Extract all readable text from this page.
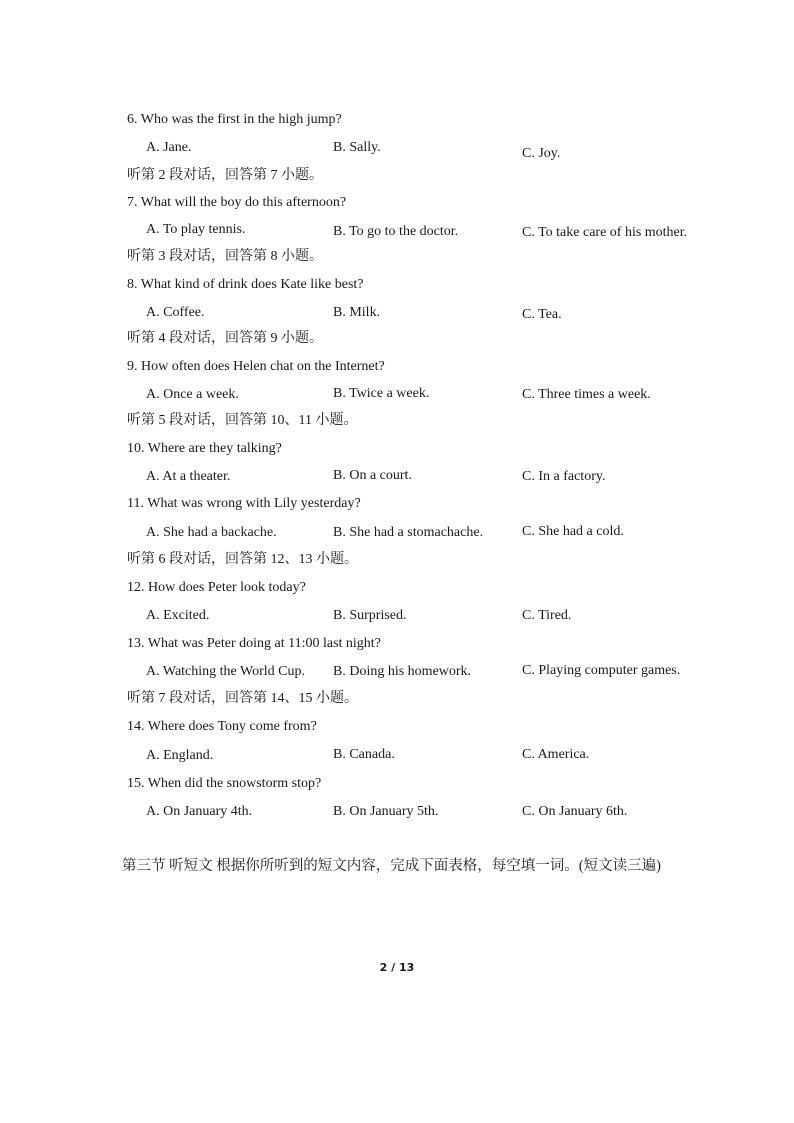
6. Who was the first in the high jump?
A. Jane.	B. Sally.	C. Joy.
听第 2 段对话，回答第 7 小题。
7. What will the boy do this afternoon?
A. To play tennis.	B. To go to the doctor.	C. To take care of his mother.
听第 3 段对话，回答第 8 小题。
8. What kind of drink does Kate like best?
A. Coffee.	B. Milk.	C. Tea.
听第 4 段对话，回答第 9 小题。
9. How often does Helen chat on the Internet?
A. Once a week.	B. Twice a week.	C. Three times a week.
听第 5 段对话，回答第 10、11 小题。
10. Where are they talking?
A. At a theater.	B. On a court.	C. In a factory.
11. What was wrong with Lily yesterday?
A. She had a backache.	B. She had a stomachache.	C. She had a cold.
听第 6 段对话，回答第 12、13 小题。
12. How does Peter look today?
A. Excited.	B. Surprised.	C. Tired.
13. What was Peter doing at 11:00 last night?
A. Watching the World Cup. B. Doing his homework.	C. Playing computer games.
听第 7 段对话，回答第 14、15 小题。
14. Where does Tony come from?
A. England.	B. Canada.	C. America.
15. When did the snowstorm stop?
A. On January 4th.	B. On January 5th.	C. On January 6th.
第三节 听短文 根据你所听到的短文内容，完成下面表格，每空填一词。(短文读三遍)
2 / 13
